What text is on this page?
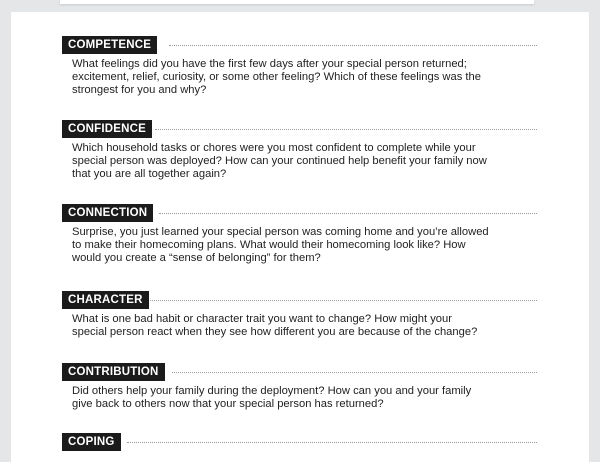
COMPETENCE
What feelings did you have the first few days after your special person returned;
excitement, relief, curiosity, or some other feeling? Which of these feelings was the
strongest for you and why?
CONFIDENCE
Which household tasks or chores were you most confident to complete while your
special person was deployed? How can your continued help benefit your family now
that you are all together again?
CONNECTION
Surprise, you just learned your special person was coming home and you’re allowed
to make their homecoming plans. What would their homecoming look like? How
would you create a “sense of belonging” for them?
CHARACTER
What is one bad habit or character trait you want to change? How might your
special person react when they see how different you are because of the change?
CONTRIBUTION
Did others help your family during the deployment? How can you and your family
give back to others now that your special person has returned?
COPING
